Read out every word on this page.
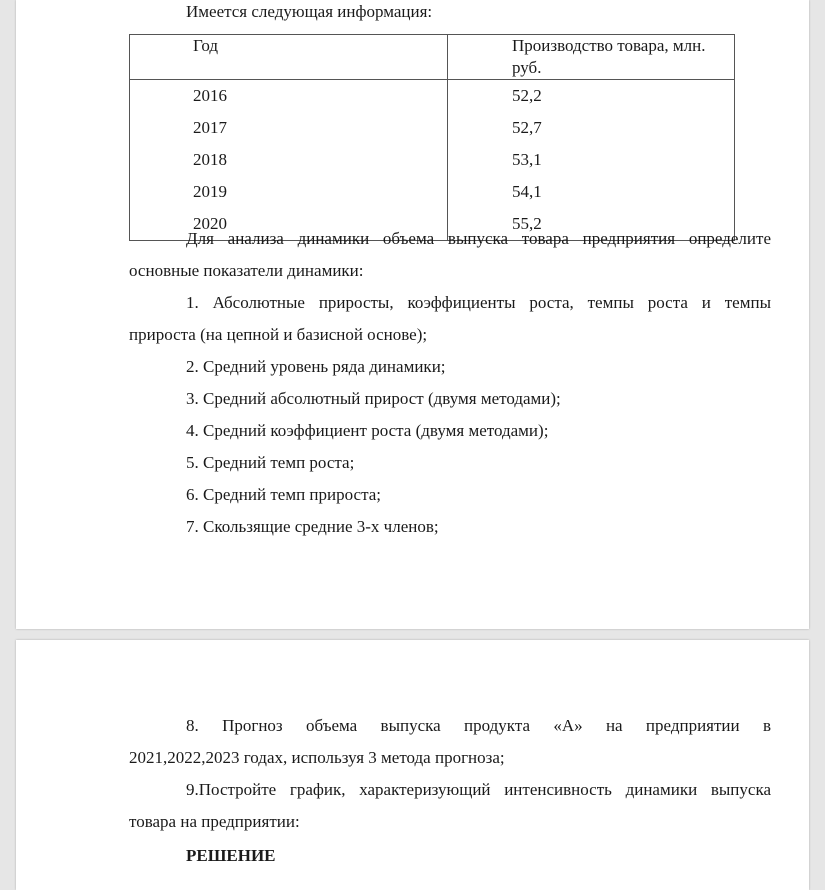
Имеется следующая информация:
Год	Производство товара, млн. руб.
2016	52,2
2017	52,7
2018	53,1
2019	54,1
2020	55,2
Для анализа динамики объема выпуска товара предприятия определите
основные показатели динамики:
1. Абсолютные приросты, коэффициенты роста, темпы роста и темпы
прироста (на цепной и базисной основе);
2. Средний уровень ряда динамики;
3. Средний абсолютный прирост (двумя методами);
4. Средний коэффициент роста (двумя методами);
5. Средний темп роста;
6. Средний темп прироста;
7. Скользящие средние 3-х членов;
8. Прогноз объема выпуска продукта «А» на предприятии в
2021,2022,2023 годах, используя 3 метода прогноза;
9.Постройте график, характеризующий интенсивность динамики выпуска
товара на предприятии:
РЕШЕНИЕ
